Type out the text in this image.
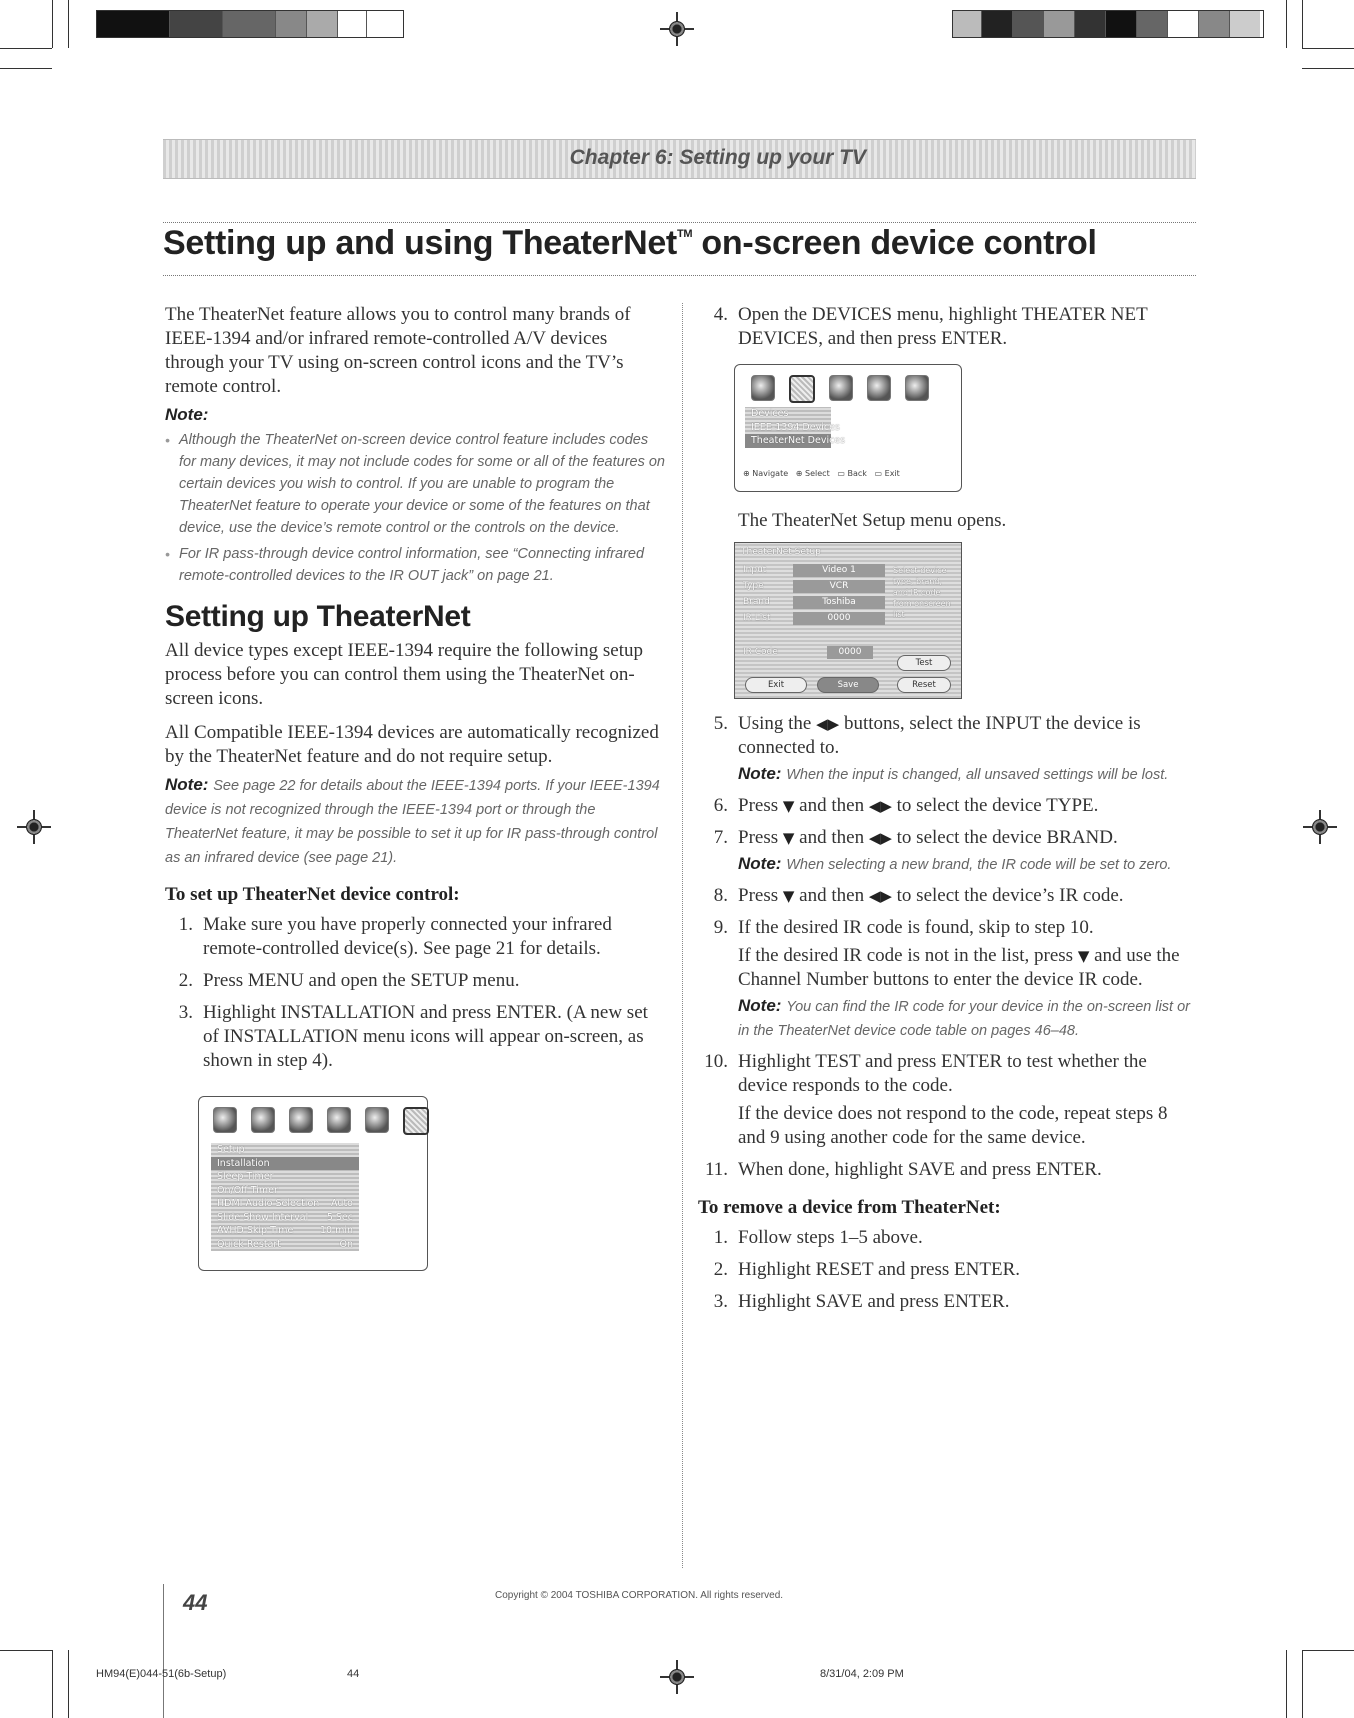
Chapter 6: Setting up your TV
Setting up and using TheaterNet™ on-screen device control

The TheaterNet feature allows you to control many brands of IEEE-1394 and/or infrared remote-controlled A/V devices through your TV using on-screen control icons and the TV’s remote control.

Note:
• Although the TheaterNet on-screen device control feature includes codes for many devices, it may not include codes for some or all of the features on certain devices you wish to control. If you are unable to program the TheaterNet feature to operate your device or some of the features on that device, use the device’s remote control or the controls on the device.
• For IR pass-through device control information, see “Connecting infrared remote-controlled devices to the IR OUT jack” on page 21.
Setting up TheaterNet

All device types except IEEE-1394 require the following setup process before you can control them using the TheaterNet on-screen icons.

All Compatible IEEE-1394 devices are automatically recognized by the TheaterNet feature and do not require setup.

Note: See page 22 for details about the IEEE-1394 ports. If your IEEE-1394 device is not recognized through the IEEE-1394 port or through the TheaterNet feature, it may be possible to set it up for IR pass-through control as an infrared device (see page 21).
To set up TheaterNet device control:
1. Make sure you have properly connected your infrared remote-controlled device(s). See page 21 for details.
2. Press MENU and open the SETUP menu.
3. Highlight INSTALLATION and press ENTER. (A new set of INSTALLATION menu icons will appear on-screen, as shown in step 4).
Setup
Installation
Sleep Timer
On/Off Timer
HDMI Audio Selection Auto
Slide Show Interval 5 Sec
AVHD Skip Time	10 min
Quick Restart	On
4. Open the DEVICES menu, highlight THEATER NET DEVICES, and then press ENTER.
Devices
IEEE-1394 Devices
TheaterNet Devices
⊕ Navigate ⊕ Select ▭ Back ▭ Exit
The TheaterNet Setup menu opens.
TheaterNet Setup
Input	Video 1
Type	VCR
Brand	Toshiba
IR List	0000
IR Code	0000
Select device type, brand, and IR code from onscreen list
Exit	Save
Test
Reset
5. Using the ◀▶ buttons, select the INPUT the device is connected to.
Note: When the input is changed, all unsaved settings will be lost.
6. Press ▼ and then ◀▶ to select the device TYPE.
7. Press ▼ and then ◀▶ to select the device BRAND.
Note: When selecting a new brand, the IR code will be set to zero.
8. Press ▼ and then ◀▶ to select the device’s IR code.
9. If the desired IR code is found, skip to step 10.

If the desired IR code is not in the list, press ▼ and use the Channel Number buttons to enter the device IR code.

Note: You can find the IR code for your device in the on-screen list or in the TheaterNet device code table on pages 46–48.
10. Highlight TEST and press ENTER to test whether the device responds to the code.

If the device does not respond to the code, repeat steps 8 and 9 using another code for the same device.

11. When done, highlight SAVE and press ENTER.
To remove a device from TheaterNet:
1. Follow steps 1–5 above.
2. Highlight RESET and press ENTER.
3. Highlight SAVE and press ENTER.
44	Copyright © 2004 TOSHIBA CORPORATION. All rights reserved.
HM94(E)044-51(6b-Setup)	44	8/31/04, 2:09 PM
